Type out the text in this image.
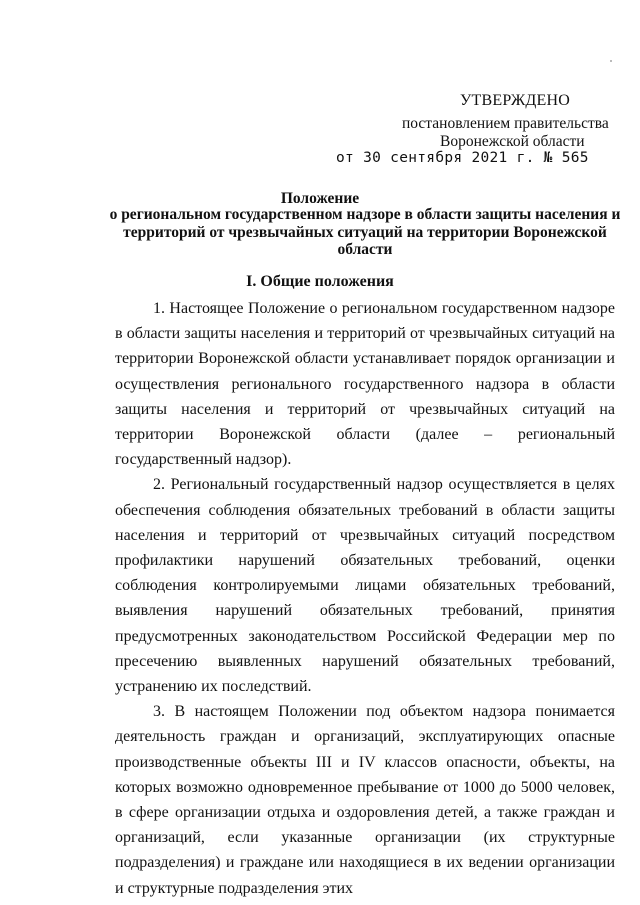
УТВЕРЖДЕНО
постановлением правительства
Воронежской области
от 30 сентября 2021 г. № 565
Положение
о региональном государственном надзоре в области защиты населения и территорий от чрезвычайных ситуаций на территории Воронежской области
I. Общие положения

1. Настоящее Положение о региональном государственном надзоре в области защиты населения и территорий от чрезвычайных ситуаций на территории Воронежской области устанавливает порядок организации и осуществления регионального государственного надзора в области защиты населения и территорий от чрезвычайных ситуаций на территории Воронежской области (далее – региональный государственный надзор).

2. Региональный государственный надзор осуществляется в целях обеспечения соблюдения обязательных требований в области защиты населения и территорий от чрезвычайных ситуаций посредством профилактики нарушений обязательных требований, оценки соблюдения контролируемыми лицами обязательных требований, выявления нарушений обязательных требований, принятия предусмотренных законодательством Российской Федерации мер по пресечению выявленных нарушений обязательных требований, устранению их последствий.

3. В настоящем Положении под объектом надзора понимается деятельность граждан и организаций, эксплуатирующих опасные производственные объекты III и IV классов опасности, объекты, на которых возможно одновременное пребывание от 1000 до 5000 человек, в сфере организации отдыха и оздоровления детей, а также граждан и организаций, если указанные организации (их структурные подразделения) и граждане или находящиеся в их ведении организации и структурные подразделения этих
